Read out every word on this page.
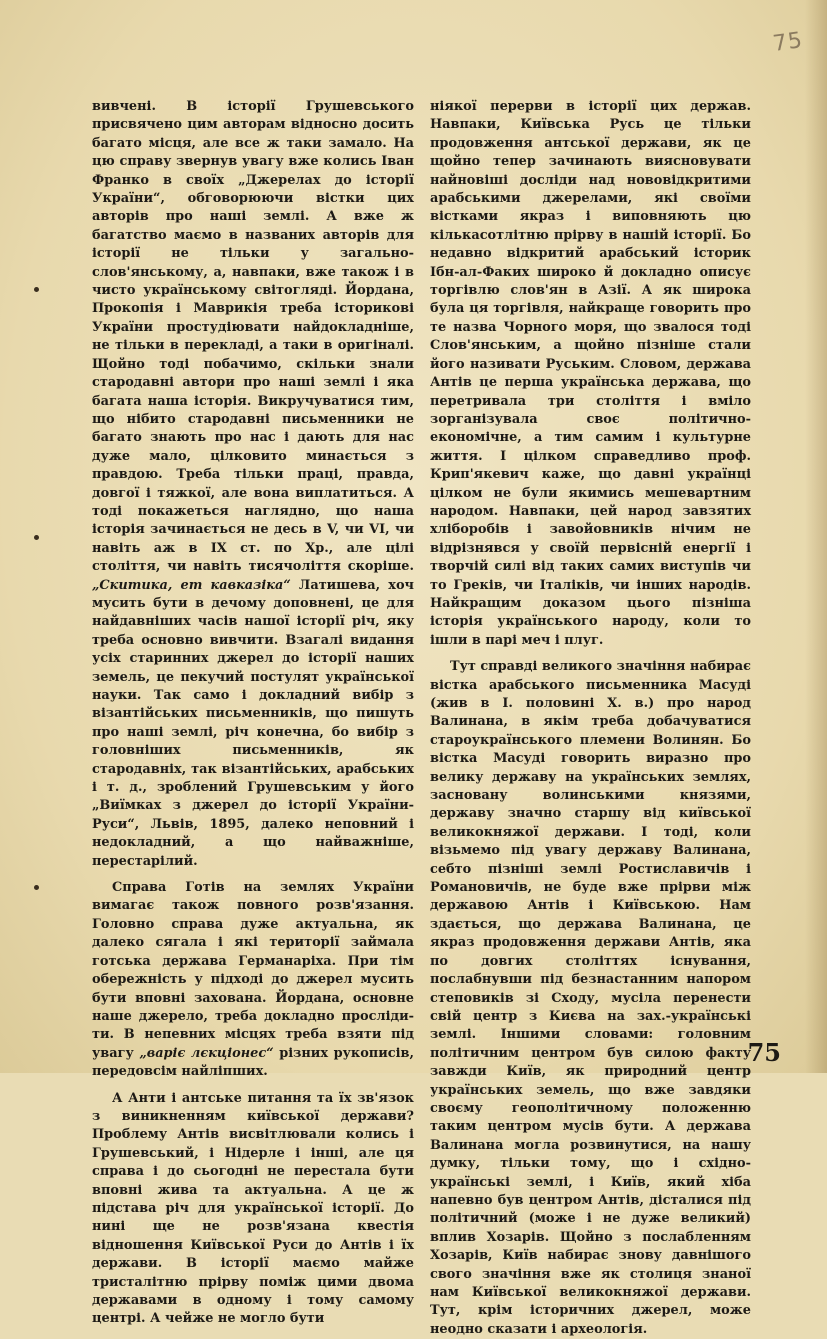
75

вивчені. В історії Грушевського присвячено цим авторам відносно досить багато місця, але все ж таки замало. На цю справу звернув увагу вже колись Іван Франко в своїх „Джерелах до історії України“, обговорюючи вістки цих авторів про наші землі. А вже ж багатство маємо в названих авторів для історії не тільки у загально-слов'янському, а, навпаки, вже також і в чисто українському світогляді. Йордана, Прокопія і Маврикія треба історикові України простудіювати найдокладніше, не тільки в перекладі, а таки в оригіналі. Щойно тоді побачимо, скільки знали стародавні автори про наші землі і яка багата наша історія. Викручуватися тим, що нібито стародавні письменники не багато знають про нас і дають для нас дуже мало, цілковито минається з правдою. Треба тільки праці, правда, довгої і тяжкої, але вона виплатиться. А тоді покажеться наглядно, що наша історія зачинається не десь в V, чи VI, чи навіть аж в IX ст. по Хр., але цілі століття, чи навіть тисячоліття скоріше. „Скитика, ет кавказіка“ Латишева, хоч мусить бути в дечому доповнені, це для найдавніших часів нашої історії річ, яку треба основно вивчити. Взагалі видання усіх старинних джерел до історії наших земель, це пекучий постулят української науки. Так само і докладний вибір з візантійських письменників, що пишуть про наші землі, річ конечна, бо вибір з головніших письменників, як стародавніх, так візантійських, арабських і т. д., зроблений Грушевським у його „Виїмках з джерел до історії України-Руси“, Львів, 1895, далеко неповний і недокладний, а що найважніше, перестарілий.

Справа Готів на землях України вимагає також повного розв'язання. Головно справа дуже актуальна, як далеко сягала і які території займала готська держава Германаріха. При тім обережність у підході до джерел мусить бути вповні захована. Йордана, основне наше джерело, треба докладно прослідити. В непевних місцях треба взяти під увагу „варіє лєкціонес“ різних рукописів, передовсім найліпших.

А Анти і антське питання та їх зв'язок з виникненням київської держави? Проблему Антів висвітлювали колись і Грушевський, і Нідерле і інші, але ця справа і до сьогодні не перестала бути вповні жива та актуальна. А це ж підстава річ для української історії. До нині ще не розв'язана квестія відношення Київської Руси до Антів і їх держави. В історії маємо майже тристалітню прірву поміж цими двома державами в одному і тому самому центрі. А чейже не могло бути

ніякої перерви в історії цих держав. Навпаки, Київська Русь це тільки продовження антської держави, як це щойно тепер зачинають виясновувати найновіші досліди над нововідкритими арабськими джерелами, які своїми вістками якраз і виповняють цю кількасотлітню прірву в нашій історії. Бо недавно відкритий арабський історик Ібн-ал-Факих широко й докладно описує торгівлю слов'ян в Азії. А як широка була ця торгівля, найкраще говорить про те назва Чорного моря, що звалося тоді Слов'янським, а щойно пізніше стали його називати Руським. Словом, держава Антів це перша українська держава, що перетривала три століття і вміло зорганізувала своє політично-економічне, а тим самим і культурне життя. І цілком справедливо проф. Крип'якевич каже, що давні українці цілком не були якимись мешевартним народом. Навпаки, цей народ завзятих хліборобів і завойовників нічим не відрізнявся у своїй первісній енергії і творчій силі від таких самих виступів чи то Греків, чи Італіків, чи інших народів. Найкращим доказом цього пізніша історія українського народу, коли то ішли в парі меч і плуг.

Тут справді великого значіння набирає вістка арабського письменника Масуді (жив в І. половині Х. в.) про народ Валинана, в якім треба добачуватися староукраїнського племени Волинян. Бо вістка Масуді говорить виразно про велику державу на українських землях, засновану волинськими князями, державу значно старшу від київської великокняжої держави. І тоді, коли візьмемо під увагу державу Валинана, себто пізніші землі Ростиславичів і Романовичів, не буде вже прірви між державою Антів і Київською. Нам здається, що держава Валинана, це якраз продовження держави Антів, яка по довгих століттях існування, послабнувши під безнастанним напором степовиків зі Сходу, мусіла перенести свій центр з Києва на зах.-українські землі. Іншими словами: головним політичним центром був силою факту завжди Київ, як природний центр українських земель, що вже завдяки своєму геополітичному положенню таким центром мусів бути. А держава Валинана могла розвинутися, на нашу думку, тільки тому, що і східно-українські землі, і Київ, який хіба напевно був центром Антів, дісталися під політичний (може і не дуже великий) вплив Хозарів. Щойно з послабленням Хозарів, Київ набирає знову давнішого свого значіння вже як столиця знаної нам Київської великокняжої держави. Тут, крім історичних джерел, може неодно сказати і археологія.

75
